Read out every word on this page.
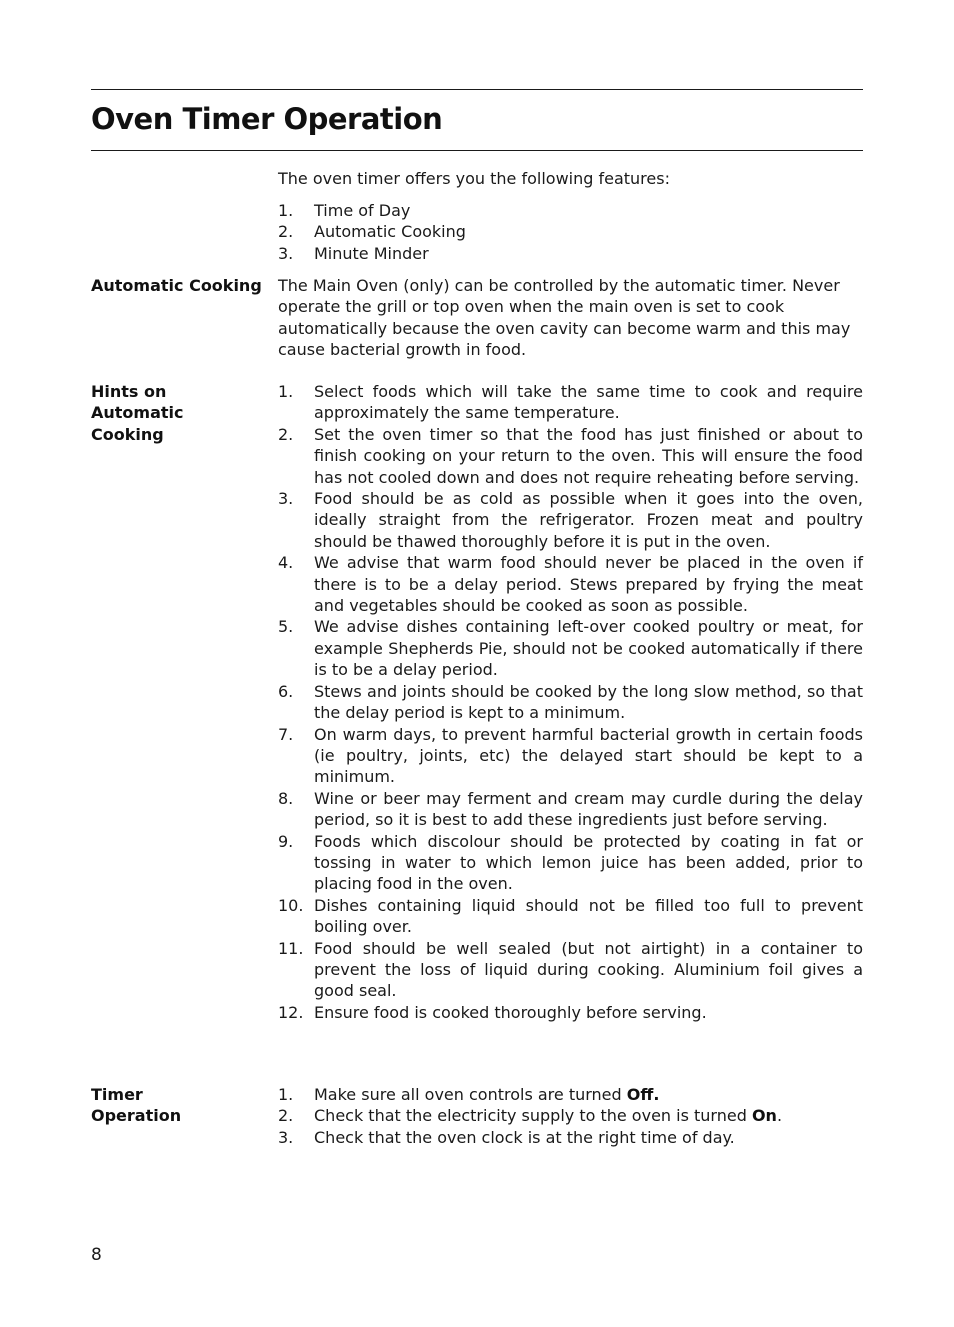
Oven Timer Operation
The oven timer offers you the following features:
1.	Time of Day
2.	Automatic Cooking
3.	Minute Minder
Automatic Cooking The Main Oven (only) can be controlled by the automatic timer. Never operate the grill or top oven when the main oven is set to cook automatically because the oven cavity can become warm and this may cause bacterial growth in food.
Hints on Automatic Cooking
1.	Select foods which will take the same time to cook and require approximately the same temperature.
2.	Set the oven timer so that the food has just finished or about to finish cooking on your return to the oven. This will ensure the food has not cooled down and does not require reheating before serving.
3.	Food should be as cold as possible when it goes into the oven, ideally straight from the refrigerator. Frozen meat and poultry should be thawed thoroughly before it is put in the oven.
4.	We advise that warm food should never be placed in the oven if there is to be a delay period. Stews prepared by frying the meat and vegetables should be cooked as soon as possible.
5.	We advise dishes containing left-over cooked poultry or meat, for example Shepherds Pie, should not be cooked automatically if there is to be a delay period.
6.	Stews and joints should be cooked by the long slow method, so that the delay period is kept to a minimum.
7.	On warm days, to prevent harmful bacterial growth in certain foods (ie poultry, joints, etc) the delayed start should be kept to a minimum.
8.	Wine or beer may ferment and cream may curdle during the delay period, so it is best to add these ingredients just before serving.
9.	Foods which discolour should be protected by coating in fat or tossing in water to which lemon juice has been added, prior to placing food in the oven.
10. Dishes containing liquid should not be filled too full to prevent boiling over.
11. Food should be well sealed (but not airtight) in a container to prevent the loss of liquid during cooking. Aluminium foil gives a good seal.
12. Ensure food is cooked thoroughly before serving.
Timer Operation
1.	Make sure all oven controls are turned Off.
2.	Check that the electricity supply to the oven is turned On.
3.	Check that the oven clock is at the right time of day.
8
